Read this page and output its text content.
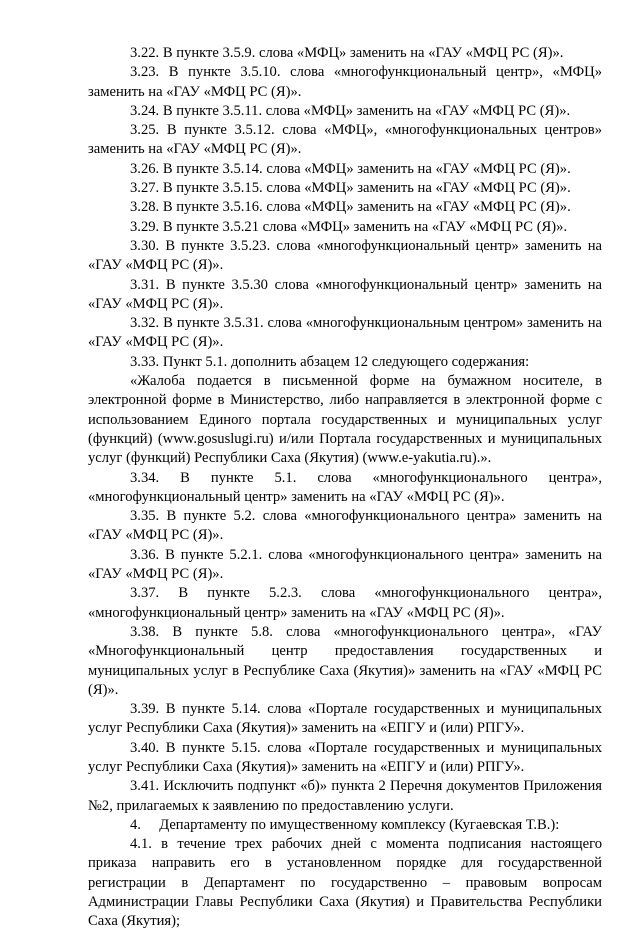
3.22. В пункте 3.5.9. слова «МФЦ» заменить на «ГАУ «МФЦ РС (Я)».

3.23. В пункте 3.5.10. слова «многофункциональный центр», «МФЦ» заменить на «ГАУ «МФЦ РС (Я)».

3.24. В пункте 3.5.11. слова «МФЦ» заменить на «ГАУ «МФЦ РС (Я)».

3.25. В пункте 3.5.12. слова «МФЦ», «многофункциональных центров» заменить на «ГАУ «МФЦ РС (Я)».

3.26. В пункте 3.5.14. слова «МФЦ» заменить на «ГАУ «МФЦ РС (Я)».

3.27. В пункте 3.5.15. слова «МФЦ» заменить на «ГАУ «МФЦ РС (Я)».

3.28. В пункте 3.5.16. слова «МФЦ» заменить на «ГАУ «МФЦ РС (Я)».

3.29. В пункте 3.5.21 слова «МФЦ» заменить на «ГАУ «МФЦ РС (Я)».

3.30. В пункте 3.5.23. слова «многофункциональный центр» заменить на «ГАУ «МФЦ РС (Я)».

3.31. В пункте 3.5.30 слова «многофункциональный центр» заменить на «ГАУ «МФЦ РС (Я)».

3.32. В пункте 3.5.31. слова «многофункциональным центром» заменить на «ГАУ «МФЦ РС (Я)».

3.33. Пункт 5.1. дополнить абзацем 12 следующего содержания:

«Жалоба подается в письменной форме на бумажном носителе, в электронной форме в Министерство, либо направляется в электронной форме с использованием Единого портала государственных и муниципальных услуг (функций) (www.gosuslugi.ru) и/или Портала государственных и муниципальных услуг (функций) Республики Саха (Якутия) (www.e-yakutia.ru).».

3.34. В пункте 5.1. слова «многофункционального центра», «многофункциональный центр» заменить на «ГАУ «МФЦ РС (Я)».

3.35. В пункте 5.2. слова «многофункционального центра» заменить на «ГАУ «МФЦ РС (Я)».

3.36. В пункте 5.2.1. слова «многофункционального центра» заменить на «ГАУ «МФЦ РС (Я)».

3.37. В пункте 5.2.3. слова «многофункционального центра», «многофункциональный центр» заменить на «ГАУ «МФЦ РС (Я)».

3.38. В пункте 5.8. слова «многофункционального центра», «ГАУ «Многофункциональный центр предоставления государственных и муниципальных услуг в Республике Саха (Якутия)» заменить на «ГАУ «МФЦ РС (Я)».

3.39. В пункте 5.14. слова «Портале государственных и муниципальных услуг Республики Саха (Якутия)» заменить на «ЕПГУ и (или) РПГУ».

3.40. В пункте 5.15. слова «Портале государственных и муниципальных услуг Республики Саха (Якутия)» заменить на «ЕПГУ и (или) РПГУ».

3.41. Исключить подпункт «б)» пункта 2 Перечня документов Приложения №2, прилагаемых к заявлению по предоставлению услуги.

4.     Департаменту по имущественному комплексу (Кугаевская Т.В.):

4.1. в течение трех рабочих дней с момента подписания настоящего приказа направить его в установленном порядке для государственной регистрации в Департамент по государственно – правовым вопросам Администрации Главы Республики Саха (Якутия) и Правительства Республики Саха (Якутия);
